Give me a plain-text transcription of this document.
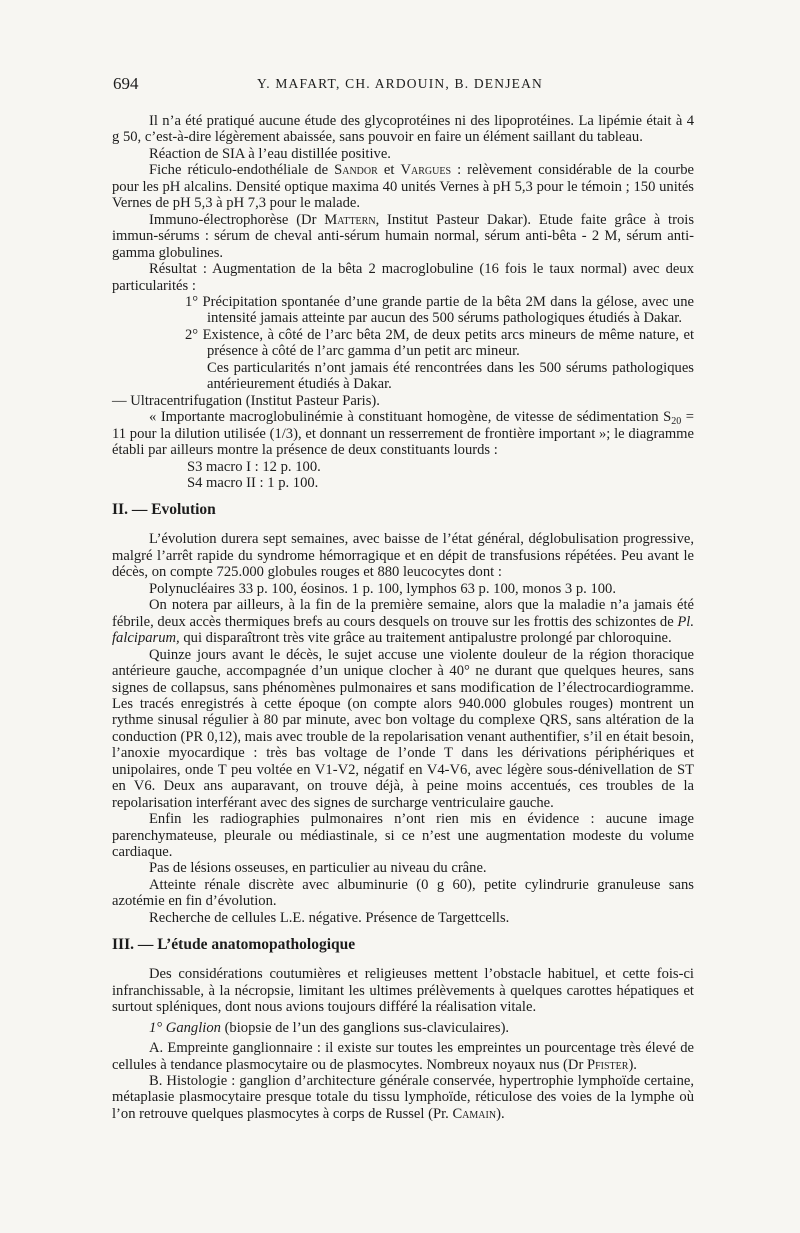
694	Y. MAFART, CH. ARDOUIN, B. DENJEAN

Il n’a été pratiqué aucune étude des glycoprotéines ni des lipoprotéines. La lipémie était à 4 g 50, c’est-à-dire légèrement abaissée, sans pouvoir en faire un élément saillant du tableau.

Réaction de SIA à l’eau distillée positive.

Fiche réticulo-endothéliale de Sandor et Vargues : relèvement considérable de la courbe pour les pH alcalins. Densité optique maxima 40 unités Vernes à pH 5,3 pour le témoin ; 150 unités Vernes de pH 5,3 à pH 7,3 pour le malade.

Immuno-électrophorèse (Dr Mattern, Institut Pasteur Dakar). Etude faite grâce à trois immun-sérums : sérum de cheval anti-sérum humain normal, sérum anti-bêta - 2 M, sérum anti-gamma globulines.

Résultat : Augmentation de la bêta 2 macroglobuline (16 fois le taux normal) avec deux particularités :

1° Précipitation spontanée d’une grande partie de la bêta 2M dans la gélose, avec une intensité jamais atteinte par aucun des 500 sérums pathologiques étudiés à Dakar.

2° Existence, à côté de l’arc bêta 2M, de deux petits arcs mineurs de même nature, et présence à côté de l’arc gamma d’un petit arc mineur.

Ces particularités n’ont jamais été rencontrées dans les 500 sérums pathologiques antérieurement étudiés à Dakar.

— Ultracentrifugation (Institut Pasteur Paris).

« Importante macroglobulinémie à constituant homogène, de vitesse de sédimentation $S_{20} = 11$ pour la dilution utilisée (1/3), et donnant un resserrement de frontière important »; le diagramme établi par ailleurs montre la présence de deux constituants lourds :

S3 macro I : 12 p. 100.

S4 macro II : 1 p. 100.

II. — Evolution

L’évolution durera sept semaines, avec baisse de l’état général, déglobulisation progressive, malgré l’arrêt rapide du syndrome hémorragique et en dépit de transfusions répétées. Peu avant le décès, on compte 725.000 globules rouges et 880 leucocytes dont :

Polynucléaires 33 p. 100, éosinos. 1 p. 100, lymphos 63 p. 100, monos 3 p. 100.

On notera par ailleurs, à la fin de la première semaine, alors que la maladie n’a jamais été fébrile, deux accès thermiques brefs au cours desquels on trouve sur les frottis des schizontes de Pl. falciparum, qui disparaîtront très vite grâce au traitement antipalustre prolongé par chloroquine.

Quinze jours avant le décès, le sujet accuse une violente douleur de la région thoracique antérieure gauche, accompagnée d’un unique clocher à 40° ne durant que quelques heures, sans signes de collapsus, sans phénomènes pulmonaires et sans modification de l’électrocardiogramme. Les tracés enregistrés à cette époque (on compte alors 940.000 globules rouges) montrent un rythme sinusal régulier à 80 par minute, avec bon voltage du complexe QRS, sans altération de la conduction (PR 0,12), mais avec trouble de la repolarisation venant authentifier, s’il en était besoin, l’anoxie myocardique : très bas voltage de l’onde T dans les dérivations périphériques et unipolaires, onde T peu voltée en V1-V2, négatif en V4-V6, avec légère sous-dénivellation de ST en V6. Deux ans auparavant, on trouve déjà, à peine moins accentués, ces troubles de la repolarisation interférant avec des signes de surcharge ventriculaire gauche.

Enfin les radiographies pulmonaires n’ont rien mis en évidence : aucune image parenchymateuse, pleurale ou médiastinale, si ce n’est une augmentation modeste du volume cardiaque.

Pas de lésions osseuses, en particulier au niveau du crâne.

Atteinte rénale discrète avec albuminurie (0 g 60), petite cylindrurie granuleuse sans azotémie en fin d’évolution.

Recherche de cellules L.E. négative. Présence de Targettcells.

III. — L’étude anatomopathologique

Des considérations coutumières et religieuses mettent l’obstacle habituel, et cette fois-ci infranchissable, à la nécropsie, limitant les ultimes prélèvements à quelques carottes hépatiques et surtout spléniques, dont nous avions toujours différé la réalisation vitale.

1° Ganglion (biopsie de l’un des ganglions sus-claviculaires).

A. Empreinte ganglionnaire : il existe sur toutes les empreintes un pourcentage très élevé de cellules à tendance plasmocytaire ou de plasmocytes. Nombreux noyaux nus (Dr Pfister).

B. Histologie : ganglion d’architecture générale conservée, hypertrophie lymphoïde certaine, métaplasie plasmocytaire presque totale du tissu lymphoïde, réticulose des voies de la lymphe où l’on retrouve quelques plasmocytes à corps de Russel (Pr. Camain).
